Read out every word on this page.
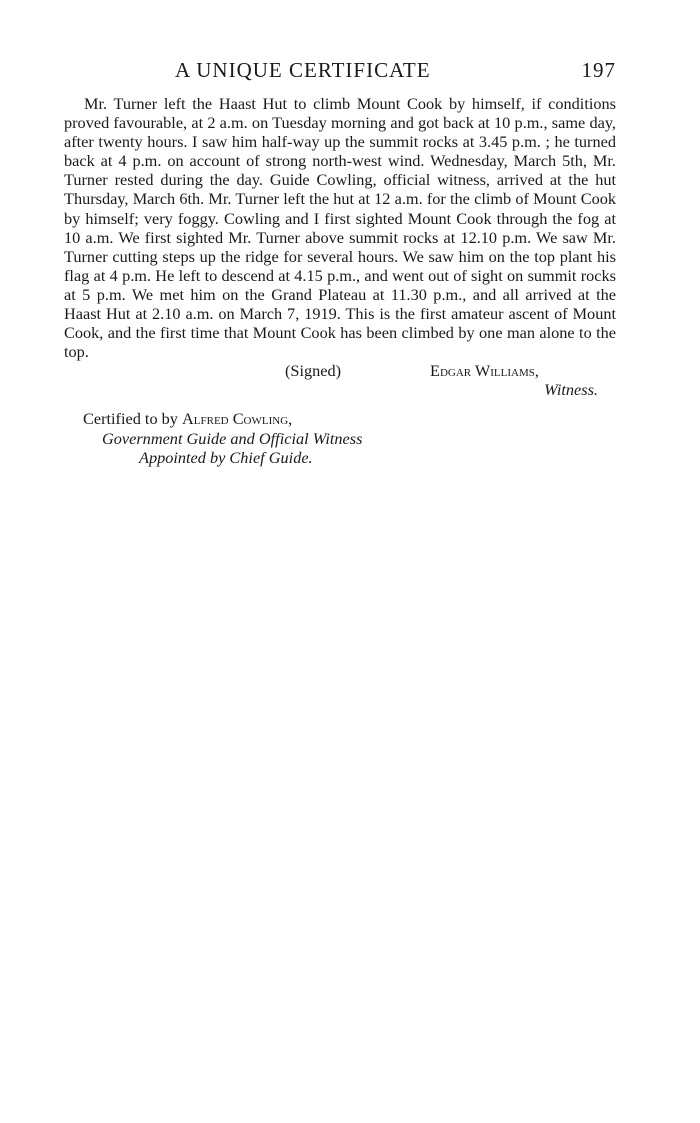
A UNIQUE CERTIFICATE	197

Mr. Turner left the Haast Hut to climb Mount Cook by himself, if conditions proved favourable, at 2 a.m. on Tuesday morning and got back at 10 p.m., same day, after twenty hours. I saw him half-way up the summit rocks at 3.45 p.m. ; he turned back at 4 p.m. on account of strong north-west wind. Wednesday, March 5th, Mr. Turner rested during the day. Guide Cowling, official witness, arrived at the hut Thursday, March 6th. Mr. Turner left the hut at 12 a.m. for the climb of Mount Cook by himself; very foggy. Cowling and I first sighted Mount Cook through the fog at 10 a.m. We first sighted Mr. Turner above summit rocks at 12.10 p.m. We saw Mr. Turner cutting steps up the ridge for several hours. We saw him on the top plant his flag at 4 p.m. He left to descend at 4.15 p.m., and went out of sight on summit rocks at 5 p.m. We met him on the Grand Plateau at 11.30 p.m., and all arrived at the Haast Hut at 2.10 a.m. on March 7, 1919. This is the first amateur ascent of Mount Cook, and the first time that Mount Cook has been climbed by one man alone to the top.

(Signed)	Edgar Williams,
Witness.
Certified to by Alfred Cowling,
Government Guide and Official Witness
Appointed by Chief Guide.
